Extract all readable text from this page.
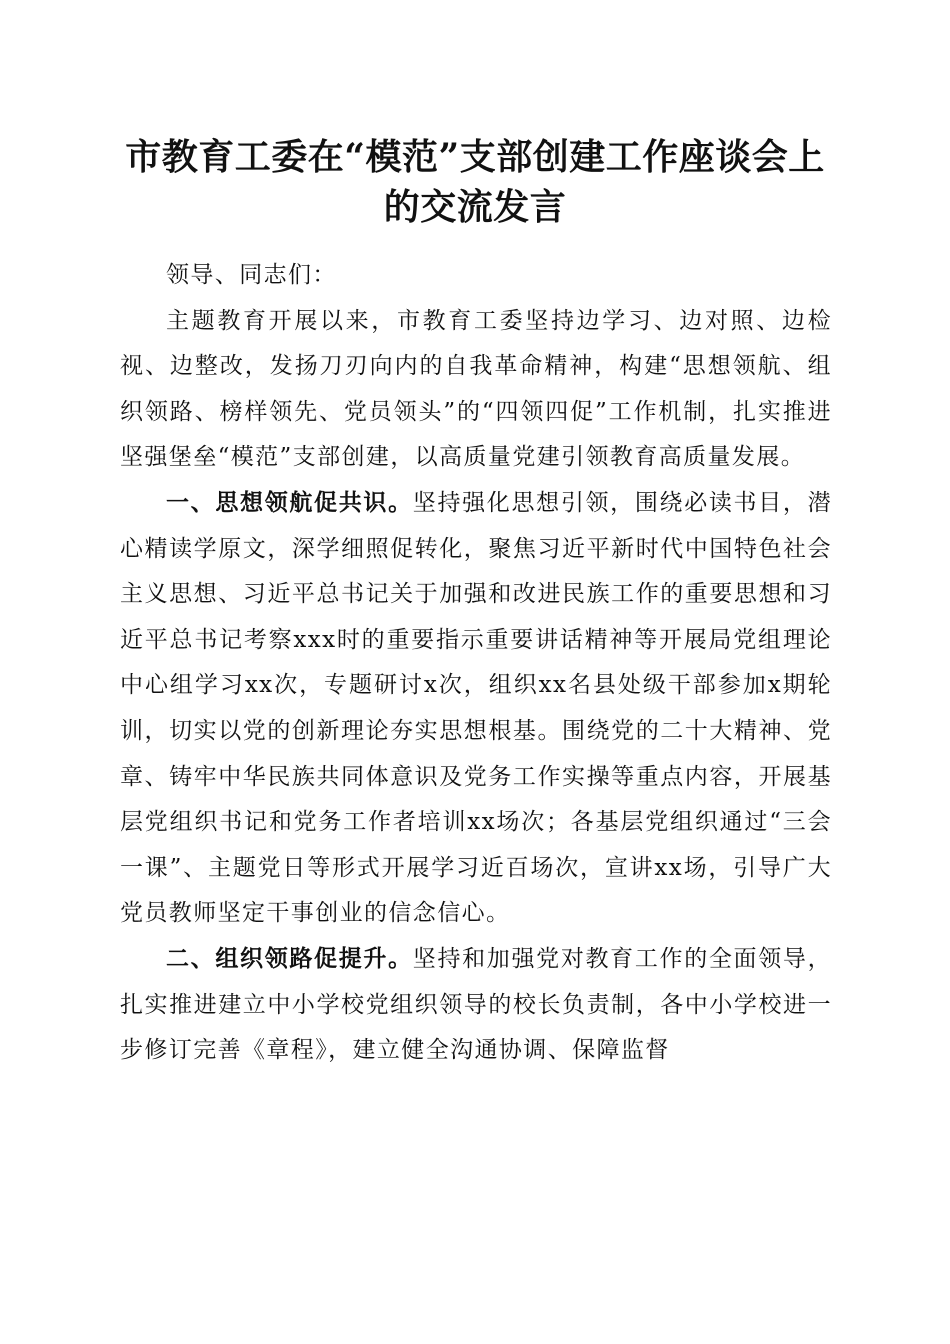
市教育工委在“模范”支部创建工作座谈会上
的交流发言

领导、同志们：

主题教育开展以来，市教育工委坚持边学习、边对照、边检视、边整改，发扬刀刃向内的自我革命精神，构建“思想领航、组织领路、榜样领先、党员领头”的“四领四促”工作机制，扎实推进坚强堡垒“模范”支部创建，以高质量党建引领教育高质量发展。

一、思想领航促共识。坚持强化思想引领，围绕必读书目，潜心精读学原文，深学细照促转化，聚焦习近平新时代中国特色社会主义思想、习近平总书记关于加强和改进民族工作的重要思想和习近平总书记考察xxx时的重要指示重要讲话精神等开展局党组理论中心组学习xx次，专题研讨x次，组织xx名县处级干部参加x期轮训，切实以党的创新理论夯实思想根基。围绕党的二十大精神、党章、铸牢中华民族共同体意识及党务工作实操等重点内容，开展基层党组织书记和党务工作者培训xx场次；各基层党组织通过“三会一课”、主题党日等形式开展学习近百场次，宣讲xx场，引导广大党员教师坚定干事创业的信念信心。

二、组织领路促提升。坚持和加强党对教育工作的全面领导，扎实推进建立中小学校党组织领导的校长负责制，各中小学校进一步修订完善《章程》，建立健全沟通协调、保障监督
